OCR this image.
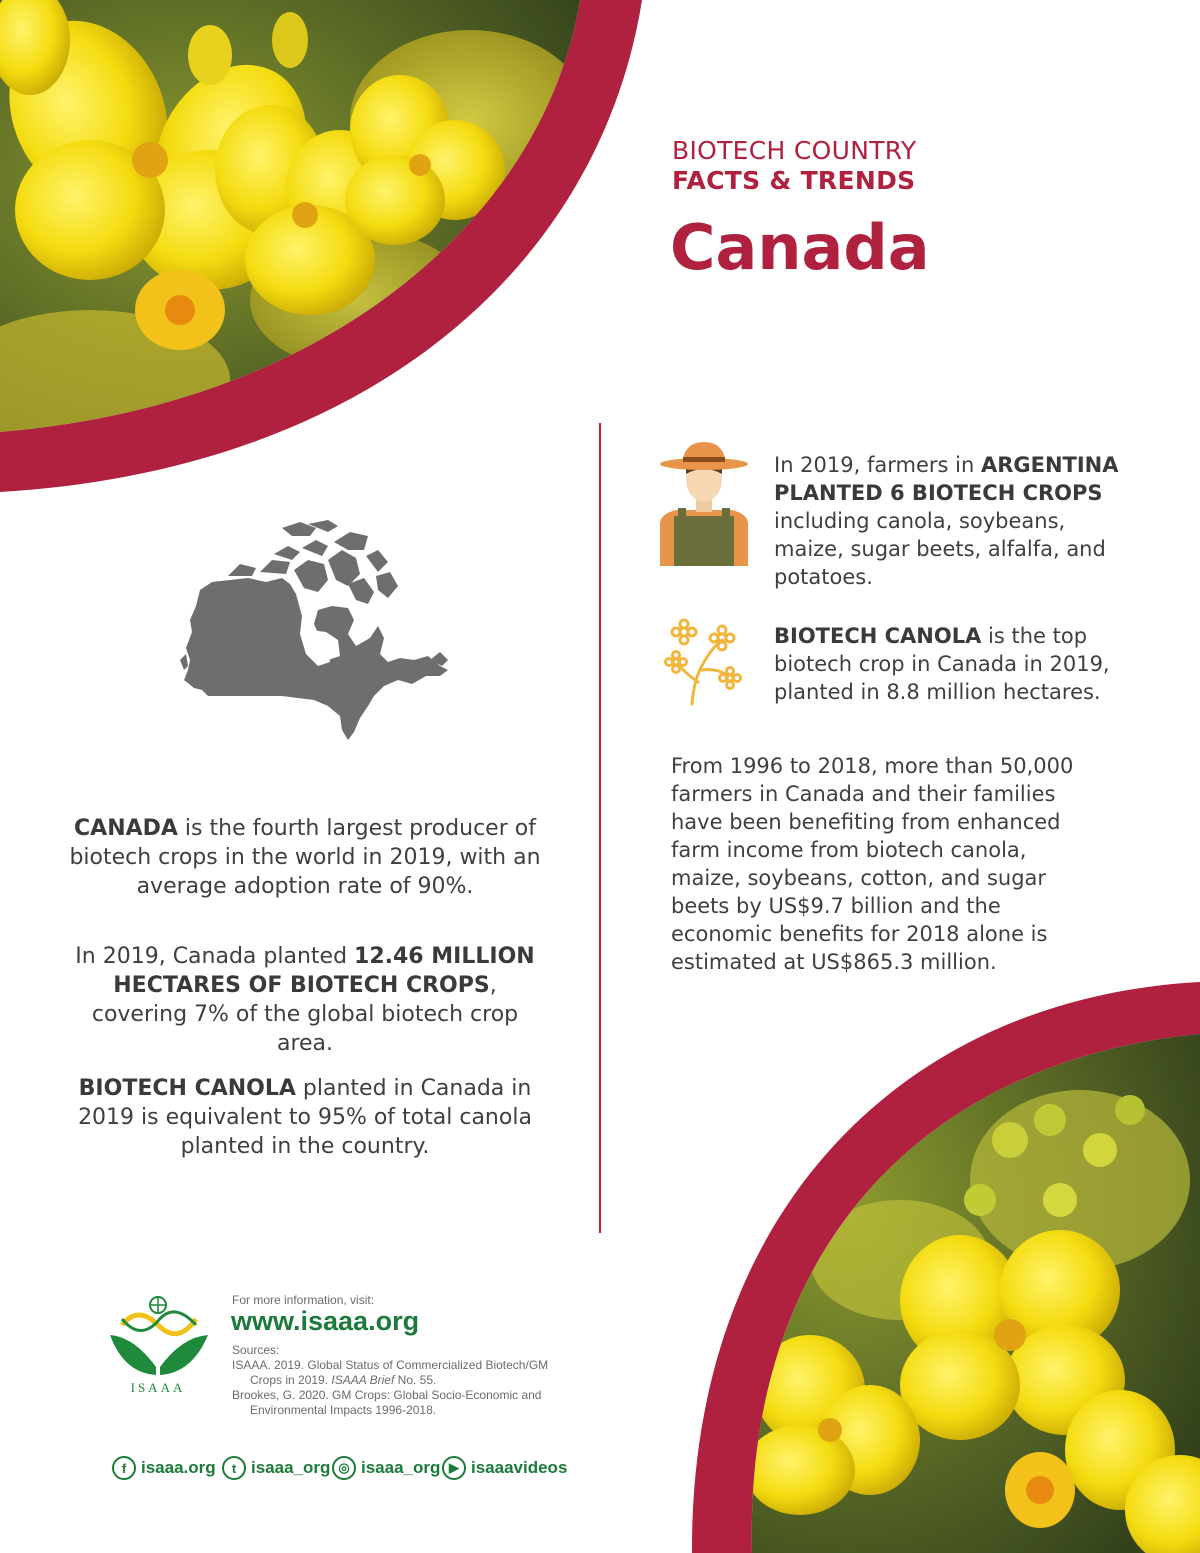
BIOTECH COUNTRY
FACTS & TRENDS
Canada
CANADA is the fourth largest producer of biotech crops in the world in 2019, with an average adoption rate of 90%.
In 2019, Canada planted 12.46 MILLION HECTARES OF BIOTECH CROPS, covering 7% of the global biotech crop area.
BIOTECH CANOLA planted in Canada in 2019 is equivalent to 95% of total canola planted in the country.
In 2019, farmers in ARGENTINA PLANTED 6 BIOTECH CROPS including canola, soybeans, maize, sugar beets, alfalfa, and potatoes.
BIOTECH CANOLA is the top biotech crop in Canada in 2019, planted in 8.8 million hectares.
From 1996 to 2018, more than 50,000 farmers in Canada and their families have been benefiting from enhanced farm income from biotech canola, maize, soybeans, cotton, and sugar beets by US$9.7 billion and the economic benefits for 2018 alone is estimated at US$865.3 million.
ISAAA
For more information, visit:
www.isaaa.org
Sources:
ISAAA. 2019. Global Status of Commercialized Biotech/GM
Crops in 2019. ISAAA Brief No. 55.
Brookes, G. 2020. GM Crops: Global Socio-Economic and
Environmental Impacts 1996-2018.
f isaaa.org	t isaaa_org ◎ isaaa_org ▶ isaaavideos
